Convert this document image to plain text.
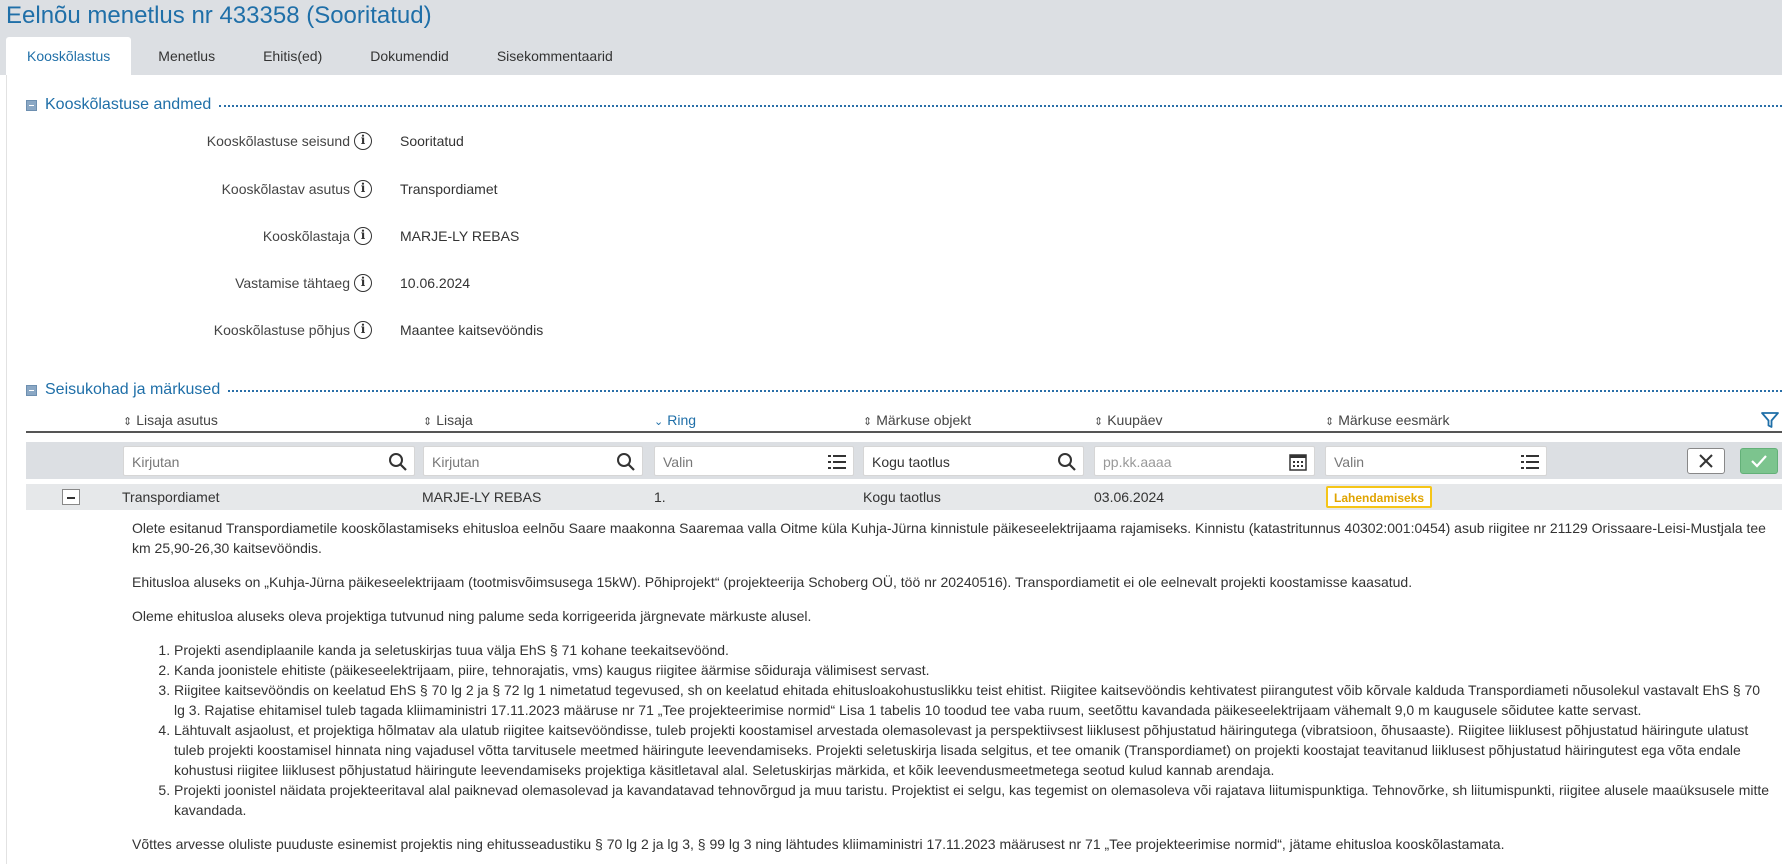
Eelnõu menetlus nr 433358 (Sooritatud)
Kooskõlastus	Menetlus	Ehitis(ed)	Dokumendid	Sisekommentaarid
Kooskõlastuse andmed
Kooskõlastuse seisund i	Sooritatud
Kooskõlastav asutus i	Transpordiamet
Kooskõlastaja i	MARJE-LY REBAS
Vastamise tähtaeg i	10.06.2024
Kooskõlastuse põhjus i	Maantee kaitsevööndis
Seisukohad ja märkused
⇕ Lisaja asutus	⇕ Lisaja	⌄ Ring	⇕ Märkuse objekt	⇕ Kuupäev	⇕ Märkuse eesmärk
Kirjutan	Kirjutan	Valin	Kogu taotlus	pp.kk.aaaa	Valin
Transpordiamet	MARJE-LY REBAS	1.	Kogu taotlus	03.06.2024	Lahendamiseks

Olete esitanud Transpordiametile kooskõlastamiseks ehitusloa eelnõu Saare maakonna Saaremaa valla Oitme küla Kuhja-Jürna kinnistule päikeseelektrijaama rajamiseks. Kinnistu (katastritunnus 40302:001:0454) asub riigitee nr 21129 Orissaare-Leisi-Mustjala tee km 25,90-26,30 kaitsevööndis.

Ehitusloa aluseks on „Kuhja-Jürna päikeseelektrijaam (tootmisvõimsusega 15kW). Põhiprojekt“ (projekteerija Schoberg OÜ, töö nr 20240516). Transpordiametit ei ole eelnevalt projekti koostamisse kaasatud.

Oleme ehitusloa aluseks oleva projektiga tutvunud ning palume seda korrigeerida järgnevate märkuste alusel.

1. Projekti asendiplaanile kanda ja seletuskirjas tuua välja EhS § 71 kohane teekaitsevöönd.
2. Kanda joonistele ehitiste (päikeseelektrijaam, piire, tehnorajatis, vms) kaugus riigitee äärmise sõiduraja välimisest servast.
3. Riigitee kaitsevööndis on keelatud EhS § 70 lg 2 ja § 72 lg 1 nimetatud tegevused, sh on keelatud ehitada ehitusloakohustuslikku teist ehitist. Riigitee kaitsevööndis kehtivatest piirangutest võib kõrvale kalduda Transpordiameti nõusolekul vastavalt EhS § 70 lg 3. Rajatise ehitamisel tuleb tagada kliimaministri 17.11.2023 määruse nr 71 „Tee projekteerimise normid“ Lisa 1 tabelis 10 toodud tee vaba ruum, seetõttu kavandada päikeseelektrijaam vähemalt 9,0 m kaugusele sõidutee katte servast.
4. Lähtuvalt asjaolust, et projektiga hõlmatav ala ulatub riigitee kaitsevööndisse, tuleb projekti koostamisel arvestada olemasolevast ja perspektiivsest liiklusest põhjustatud häiringutega (vibratsioon, õhusaaste). Riigitee liiklusest põhjustatud häiringute ulatust tuleb projekti koostamisel hinnata ning vajadusel võtta tarvitusele meetmed häiringute leevendamiseks. Projekti seletuskirja lisada selgitus, et tee omanik (Transpordiamet) on projekti koostajat teavitanud liiklusest põhjustatud häiringutest ega võta endale kohustusi riigitee liiklusest põhjustatud häiringute leevendamiseks projektiga käsitletaval alal. Seletuskirjas märkida, et kõik leevendusmeetmetega seotud kulud kannab arendaja.
5. Projekti joonistel näidata projekteeritaval alal paiknevad olemasolevad ja kavandatavad tehnovõrgud ja muu taristu. Projektist ei selgu, kas tegemist on olemasoleva või rajatava liitumispunktiga. Tehnovõrke, sh liitumispunkti, riigitee alusele maaüksusele mitte kavandada.

Võttes arvesse oluliste puuduste esinemist projektis ning ehitusseadustiku § 70 lg 2 ja lg 3, § 99 lg 3 ning lähtudes kliimaministri 17.11.2023 määrusest nr 71 „Tee projekteerimise normid“, jätame ehitusloa kooskõlastamata.
